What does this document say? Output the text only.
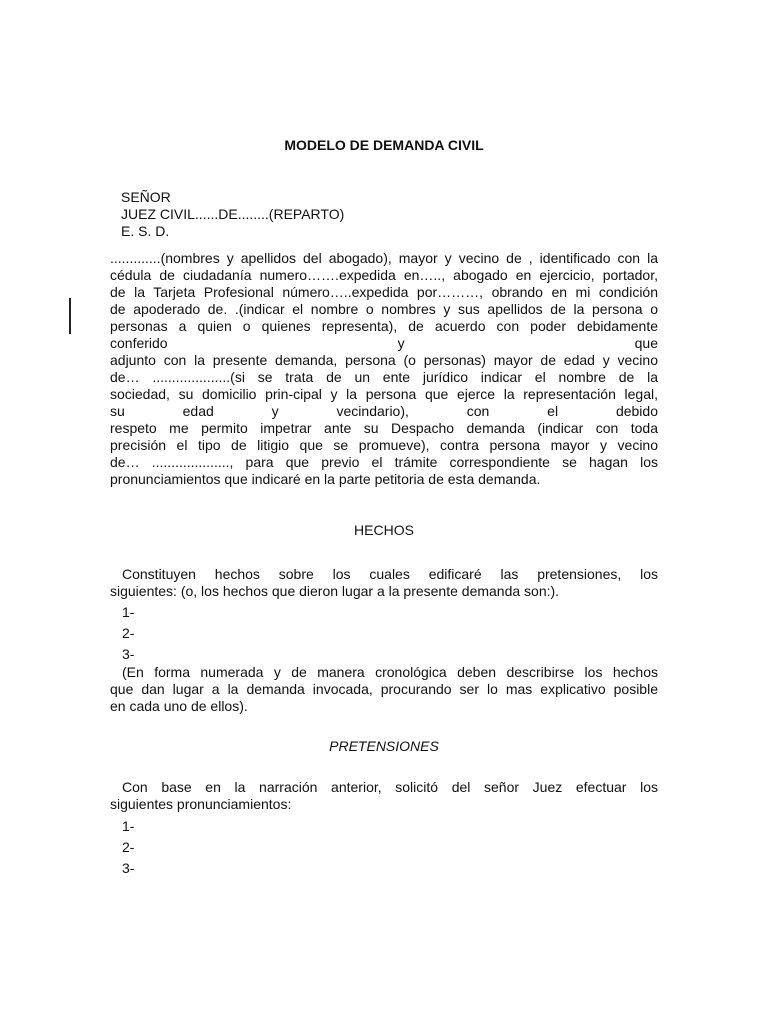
MODELO DE DEMANDA CIVIL
SEÑOR
JUEZ CIVIL......DE........(REPARTO)
E. S. D.
.............(nombres y apellidos del abogado), mayor y vecino de , identificado con la
cédula de ciudadanía numero…….expedida en….., abogado en ejercicio, portador,
de la Tarjeta Profesional número…..expedida por………, obrando en mi condición
de apoderado de. .(indicar el nombre o nombres y sus apellidos de la persona o
personas a quien o quienes representa), de acuerdo con poder debidamente
conferido y que
adjunto con la presente demanda, persona (o personas) mayor de edad y vecino
de… ....................(si se trata de un ente jurídico indicar el nombre de la
sociedad, su domicilio prin-cipal y la persona que ejerce la representación legal,
su edad y vecindario), con el debido
respeto me permito impetrar ante su Despacho demanda (indicar con toda
precisión el tipo de litigio que se promueve), contra persona mayor y vecino
de… ...................., para que previo el trámite correspondiente se hagan los
pronunciamientos que indicaré en la parte petitoria de esta demanda.
HECHOS
Constituyen hechos sobre los cuales edificaré las pretensiones, los
siguientes: (o, los hechos que dieron lugar a la presente demanda son:).
1-
2-
3-
(En forma numerada y de manera cronológica deben describirse los hechos
que dan lugar a la demanda invocada, procurando ser lo mas explicativo posible
en cada uno de ellos).
PRETENSIONES
Con base en la narración anterior, solicitó del señor Juez efectuar los
siguientes pronunciamientos:
1-
2-
3-
